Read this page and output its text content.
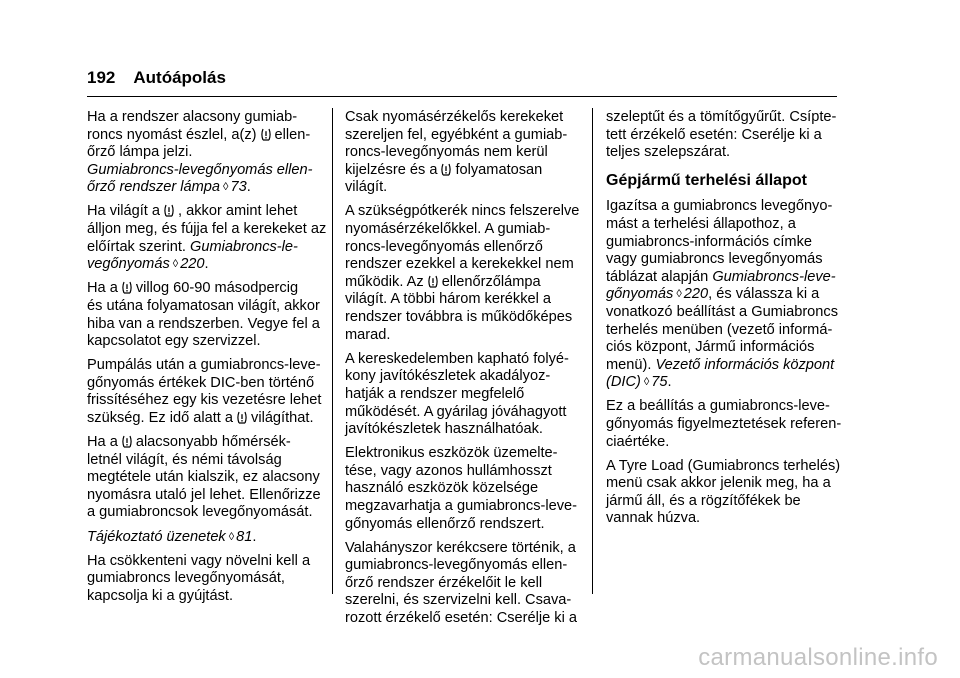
192 Autóápolás

Ha a rendszer alacsony gumiab-
roncs nyomást észlel, a(z) ellen-
őrző lámpa jelzi.
Gumiabroncs-levegőnyomás ellen-őrző rendszer lámpa ◊ 73.

Ha világít a , akkor amint lehet
álljon meg, és fújja fel a kerekeket az előírtak szerint. Gumiabroncs-le-vegőnyomás ◊ 220.

Ha a villog 60-90 másodpercig
és utána folyamatosan világít, akkor hiba van a rendszerben. Vegye fel a kapcsolatot egy szervizzel.

Pumpálás után a gumiabroncs-leve-gőnyomás értékek DIC-ben történő frissítéséhez egy kis vezetésre lehet
szükség. Ez idő alatt a világíthat.

Ha a alacsonyabb hőmérsék-
letnél világít, és némi távolság megtétele után kialszik, ez alacsony nyomásra utaló jel lehet. Ellenőrizze a gumiabroncsok levegőnyomását.

Tájékoztató üzenetek ◊ 81.

Ha csökkenteni vagy növelni kell a gumiabroncs levegőnyomását, kapcsolja ki a gyújtást.

Csak nyomásérzékelős kerekeket szereljen fel, egyébként a gumiab-roncs-levegőnyomás nem kerül
kijelzésre és a folyamatosan
világít.

A szükségpótkerék nincs felszerelve nyomásérzékelőkkel. A gumiab-roncs-levegőnyomás ellenőrző rendszer ezekkel a kerekekkel nem
működik. Az ellenőrzőlámpa
világít. A többi három kerékkel a rendszer továbbra is működőképes marad.

A kereskedelemben kapható folyé-kony javítókészletek akadályoz-hatják a rendszer megfelelő működését. A gyárilag jóváhagyott javítókészletek használhatóak.

Elektronikus eszközök üzemelte-tése, vagy azonos hullámhosszt használó eszközök közelsége megzavarhatja a gumiabroncs-leve-gőnyomás ellenőrző rendszert.

Valahányszor kerékcsere történik, a gumiabroncs-levegőnyomás ellen-őrző rendszer érzékelőit le kell szerelni, és szervizelni kell. Csava-rozott érzékelő esetén: Cserélje ki a

szeleptűt és a tömítőgyűrűt. Csípte-tett érzékelő esetén: Cserélje ki a teljes szelepszárat.

Gépjármű terhelési állapot

Igazítsa a gumiabroncs levegőnyo-mást a terhelési állapothoz, a gumiabroncs-információs címke vagy gumiabroncs levegőnyomás táblázat alapján Gumiabroncs-leve-gőnyomás ◊ 220, és válassza ki a vonatkozó beállítást a Gumiabroncs terhelés menüben (vezető informá-ciós központ, Jármű információs menü). Vezető információs központ (DIC) ◊ 75.

Ez a beállítás a gumiabroncs-leve-gőnyomás figyelmeztetések referen-ciaértéke.

A Tyre Load (Gumiabroncs terhelés) menü csak akkor jelenik meg, ha a jármű áll, és a rögzítőfékek be vannak húzva.

carmanualsonline.info
